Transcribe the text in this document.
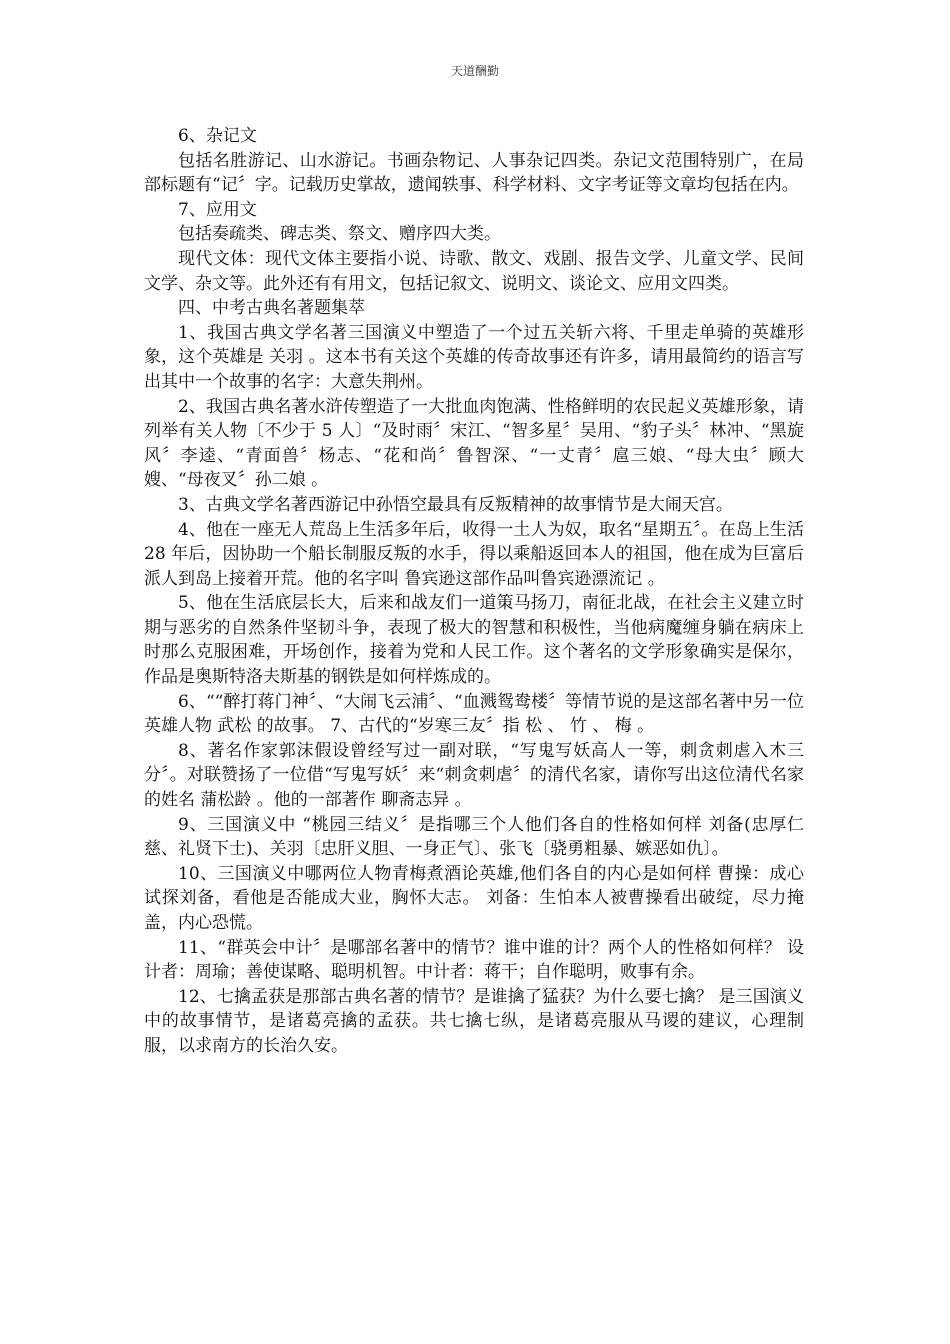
天道酬勤

6、杂记文

包括名胜游记、山水游记。书画杂物记、人事杂记四类。杂记文范围特别广，在局部标题有“记〞字。记载历史掌故，遗闻轶事、科学材料、文字考证等文章均包括在内。

7、应用文

包括奏疏类、碑志类、祭文、赠序四大类。

现代文体：现代文体主要指小说、诗歌、散文、戏剧、报告文学、儿童文学、民间文学、杂文等。此外还有有用文，包括记叙文、说明文、谈论文、应用文四类。

四、中考古典名著题集萃

1、我国古典文学名著三国演义中塑造了一个过五关斩六将、千里走单骑的英雄形象，这个英雄是 关羽 。这本书有关这个英雄的传奇故事还有许多，请用最简约的语言写出其中一个故事的名字：大意失荆州。

2、我国古典名著水浒传塑造了一大批血肉饱满、性格鲜明的农民起义英雄形象，请列举有关人物〔不少于 5 人〕“及时雨〞宋江、“智多星〞吴用、“豹子头〞林冲、“黑旋风〞李逵、“青面兽〞杨志、“花和尚〞鲁智深、“一丈青〞扈三娘、“母大虫〞顾大嫂、“母夜叉〞孙二娘 。

3、古典文学名著西游记中孙悟空最具有反叛精神的故事情节是大闹天宫。

4、他在一座无人荒岛上生活多年后，收得一土人为奴，取名“星期五〞。在岛上生活 28 年后，因协助一个船长制服反叛的水手，得以乘船返回本人的祖国，他在成为巨富后派人到岛上接着开荒。他的名字叫 鲁宾逊这部作品叫鲁宾逊漂流记 。

5、他在生活底层长大，后来和战友们一道策马扬刀，南征北战，在社会主义建立时期与恶劣的自然条件坚韧斗争，表现了极大的智慧和积极性，当他病魔缠身躺在病床上时那么克服困难，开场创作，接着为党和人民工作。这个著名的文学形象确实是保尔，作品是奥斯特洛夫斯基的钢铁是如何样炼成的。

6、““醉打蒋门神〞、“大闹飞云浦〞、“血溅鸳鸯楼〞等情节说的是这部名著中另一位英雄人物 武松 的故事。 7、古代的“岁寒三友〞指 松 、 竹 、 梅 。

8、著名作家郭沫假设曾经写过一副对联，“写鬼写妖高人一等，刺贪刺虐入木三分〞。对联赞扬了一位借“写鬼写妖〞来“刺贪刺虐〞的清代名家，请你写出这位清代名家的姓名 蒲松龄 。他的一部著作 聊斋志异 。

9、三国演义中 “桃园三结义〞是指哪三个人他们各自的性格如何样 刘备(忠厚仁慈、礼贤下士)、关羽〔忠肝义胆、一身正气〕、张飞〔骁勇粗暴、嫉恶如仇〕。

10、三国演义中哪两位人物青梅煮酒论英雄,他们各自的内心是如何样 曹操：成心试探刘备，看他是否能成大业，胸怀大志。 刘备：生怕本人被曹操看出破绽，尽力掩盖，内心恐慌。

11、“群英会中计〞是哪部名著中的情节？谁中谁的计？两个人的性格如何样？ 设计者：周瑜；善使谋略、聪明机智。中计者：蒋干；自作聪明，败事有余。

12、七擒孟获是那部古典名著的情节？是谁擒了猛获？为什么要七擒？ 是三国演义中的故事情节，是诸葛亮擒的孟获。共七擒七纵，是诸葛亮服从马谡的建议，心理制服，以求南方的长治久安。
